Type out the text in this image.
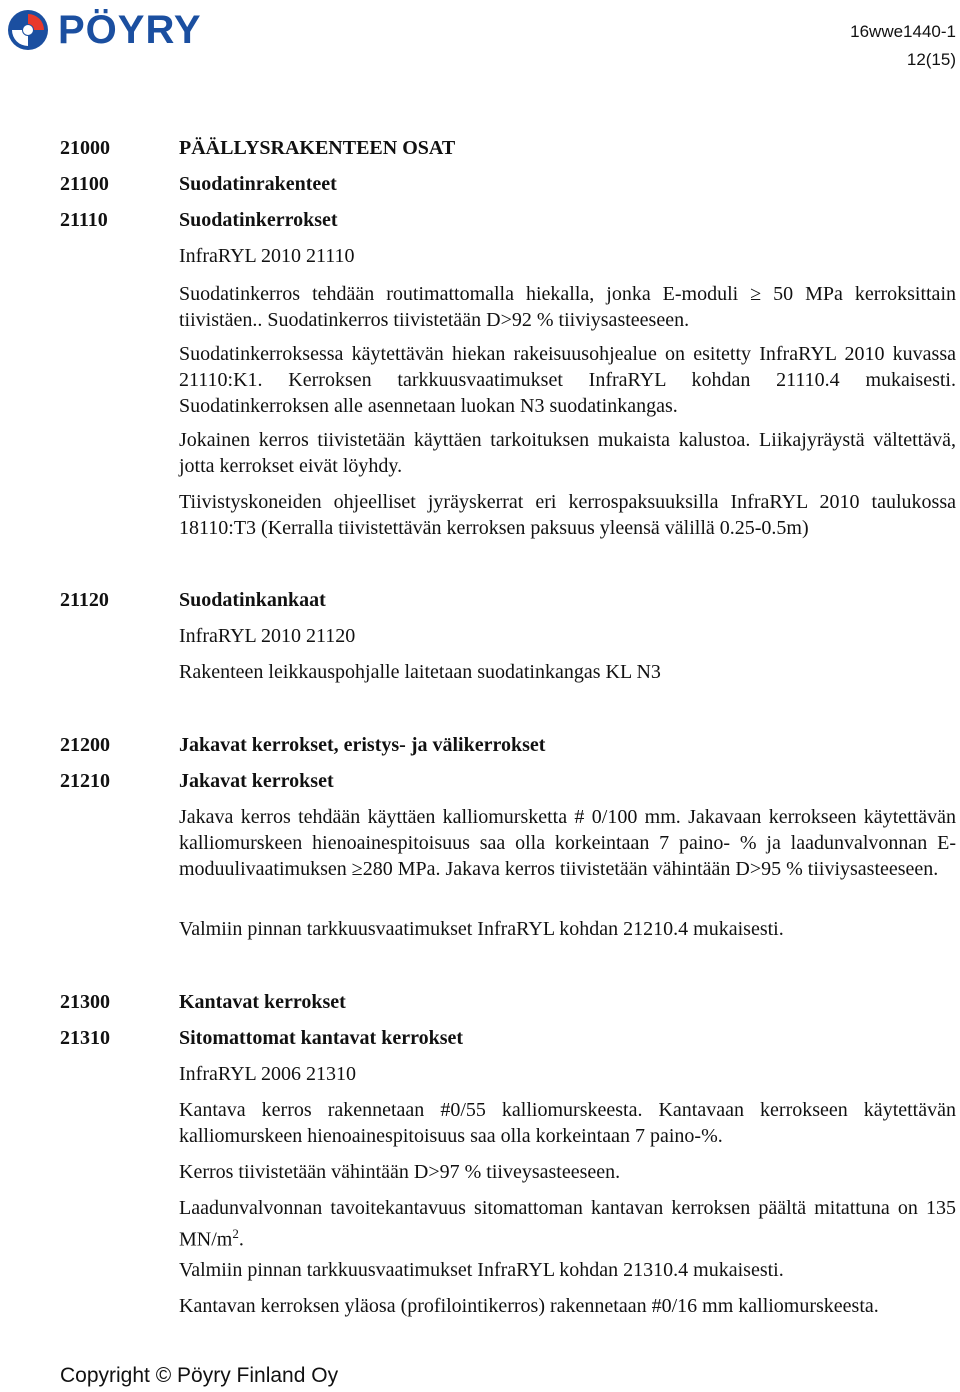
PÖYRY	16wwe1440-1
12(15)
21000	PÄÄLLYSRAKENTEEN OSAT
21100	Suodatinrakenteet
21110	Suodatinkerrokset
InfraRYL 2010 21110
Suodatinkerros tehdään routimattomalla hiekalla, jonka E-moduli ≥ 50 MPa kerroksittain tiivistäen.. Suodatinkerros tiivistetään D>92 % tiiviysasteeseen.
Suodatinkerroksessa käytettävän hiekan rakeisuusohjealue on esitetty InfraRYL 2010 kuvassa 21110:K1. Kerroksen tarkkuusvaatimukset InfraRYL kohdan 21110.4 mukaisesti. Suodatinkerroksen alle asennetaan luokan N3 suodatinkangas.
Jokainen kerros tiivistetään käyttäen tarkoituksen mukaista kalustoa. Liikajyräystä vältettävä, jotta kerrokset eivät löyhdy.
Tiivistyskoneiden ohjeelliset jyräyskerrat eri kerrospaksuuksilla InfraRYL 2010 taulukossa 18110:T3 (Kerralla tiivistettävän kerroksen paksuus yleensä välillä 0.25-0.5m)
21120	Suodatinkankaat
InfraRYL 2010 21120
Rakenteen leikkauspohjalle laitetaan suodatinkangas KL N3
21200	Jakavat kerrokset, eristys- ja välikerrokset
21210	Jakavat kerrokset
Jakava kerros tehdään käyttäen kalliomursketta # 0/100 mm. Jakavaan kerrokseen käytettävän kalliomurskeen hienoainespitoisuus saa olla korkeintaan 7 paino- % ja laadunvalvonnan E-moduulivaatimuksen ≥280 MPa. Jakava kerros tiivistetään vähintään D>95 % tiiviysasteeseen.
Valmiin pinnan tarkkuusvaatimukset InfraRYL kohdan 21210.4 mukaisesti.
21300	Kantavat kerrokset
21310	Sitomattomat kantavat kerrokset
InfraRYL 2006 21310
Kantava kerros rakennetaan #0/55 kalliomurskeesta. Kantavaan kerrokseen käytettävän kalliomurskeen hienoainespitoisuus saa olla korkeintaan 7 paino-%.
Kerros tiivistetään vähintään D>97 % tiiveysasteeseen.
Laadunvalvonnan tavoitekantavuus sitomattoman kantavan kerroksen päältä mitattuna on 135 $MN/m^2$.
Valmiin pinnan tarkkuusvaatimukset InfraRYL kohdan 21310.4 mukaisesti.
Kantavan kerroksen yläosa (profilointikerros) rakennetaan #0/16 mm kalliomurskeesta.
Copyright © Pöyry Finland Oy
